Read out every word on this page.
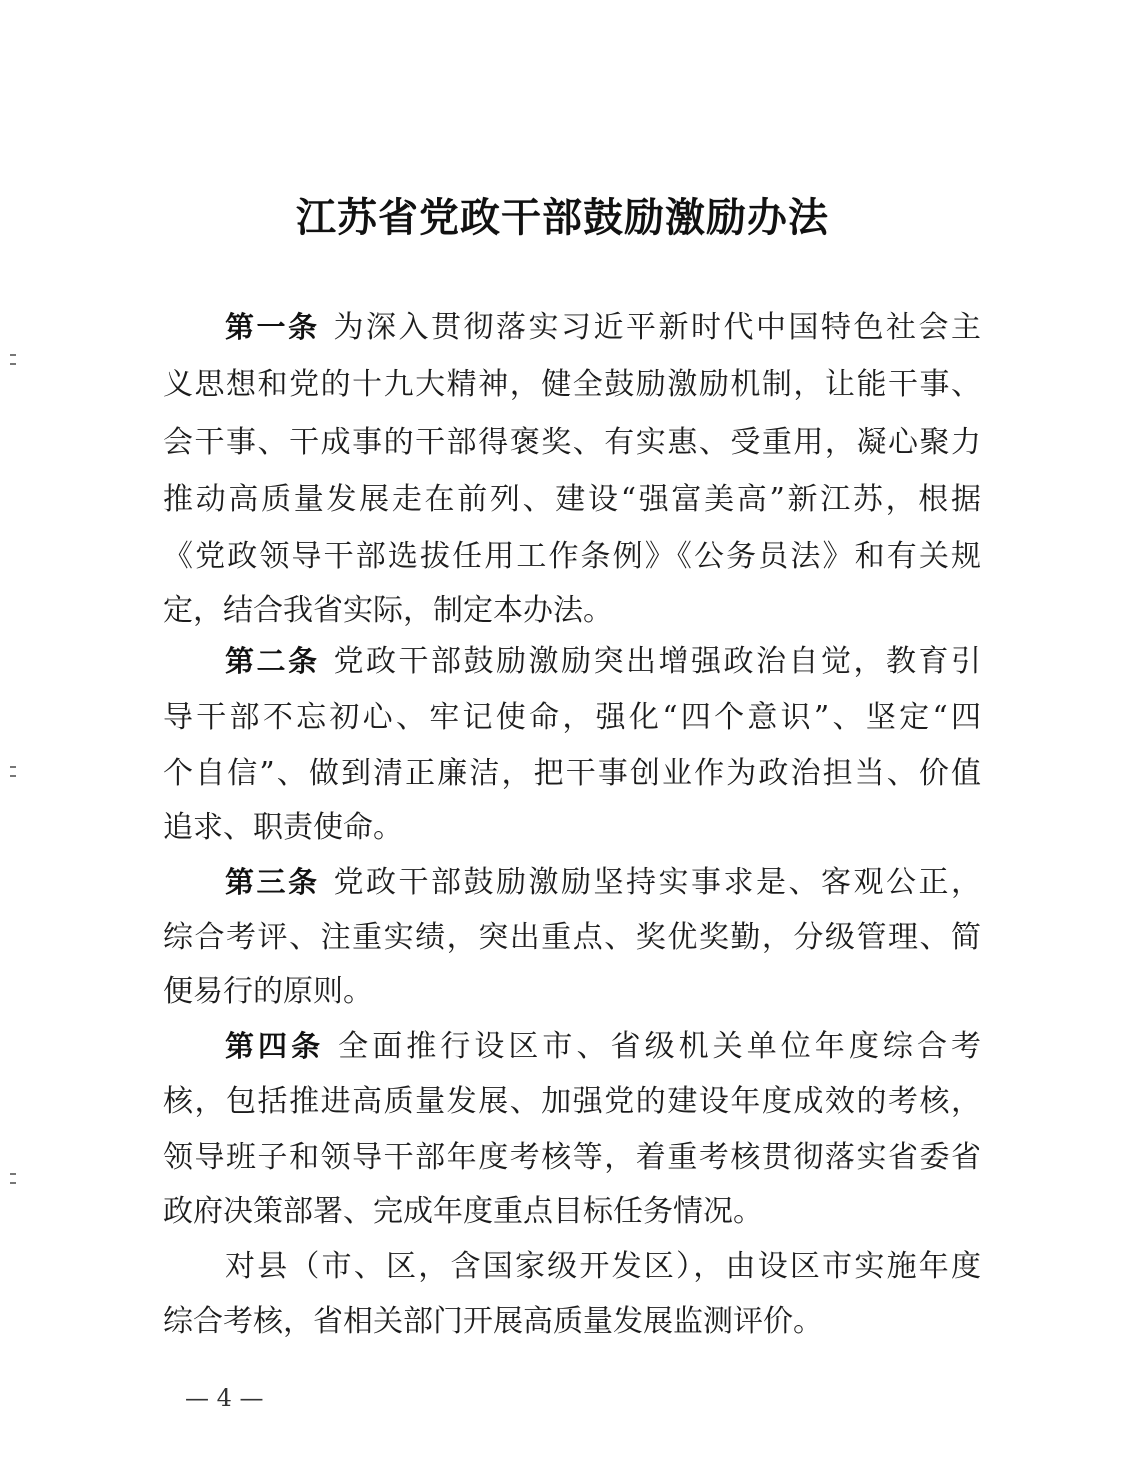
江苏省党政干部鼓励激励办法
第一条 为深入贯彻落实习近平新时代中国特色社会主
义思想和党的十九大精神，健全鼓励激励机制，让能干事、
会干事、干成事的干部得褒奖、有实惠、受重用，凝心聚力
推动高质量发展走在前列、建设“强富美高”新江苏，根据
《党政领导干部选拔任用工作条例》《公务员法》和有关规
定，结合我省实际，制定本办法。
第二条 党政干部鼓励激励突出增强政治自觉，教育引
导干部不忘初心、牢记使命，强化“四个意识”、坚定“四
个自信”、做到清正廉洁，把干事创业作为政治担当、价值
追求、职责使命。
第三条 党政干部鼓励激励坚持实事求是、客观公正，
综合考评、注重实绩，突出重点、奖优奖勤，分级管理、简
便易行的原则。
第四条 全面推行设区市、省级机关单位年度综合考
核，包括推进高质量发展、加强党的建设年度成效的考核，
领导班子和领导干部年度考核等，着重考核贯彻落实省委省
政府决策部署、完成年度重点目标任务情况。
对县（市、区，含国家级开发区），由设区市实施年度
综合考核，省相关部门开展高质量发展监测评价。
— 4 —
